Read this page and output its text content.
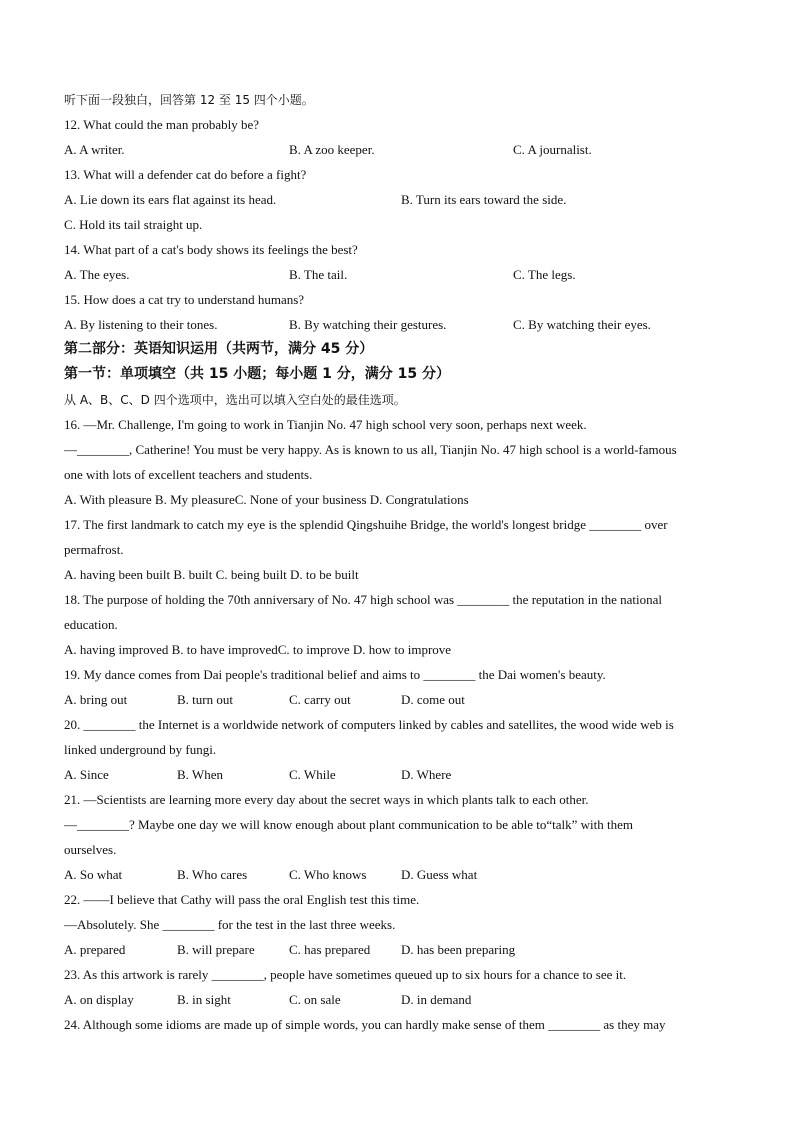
听下面一段独白，回答第 12 至 15 四个小题。
12. What could the man probably be?
A. A writer.	B. A zoo keeper.	C. A journalist.
13. What will a defender cat do before a fight?
A. Lie down its ears flat against its head.	B. Turn its ears toward the side.
C. Hold its tail straight up.
14. What part of a cat's body shows its feelings the best?
A. The eyes.	B. The tail.	C. The legs.
15. How does a cat try to understand humans?
A. By listening to their tones.	B. By watching their gestures.	C. By watching their eyes.
第二部分：英语知识运用（共两节，满分 45 分）
第一节：单项填空（共 15 小题；每小题 1 分，满分 15 分）
从 A、B、C、D 四个选项中，选出可以填入空白处的最佳选项。
16. —Mr. Challenge, I'm going to work in Tianjin No. 47 high school very soon, perhaps next week.
—________, Catherine! You must be very happy. As is known to us all, Tianjin No. 47 high school is a world-famous
one with lots of excellent teachers and students.
A. With pleasure B. My pleasureC. None of your business D. Congratulations
17. The first landmark to catch my eye is the splendid Qingshuihe Bridge, the world's longest bridge ________ over
permafrost.
A. having been built B. built C. being built D. to be built
18. The purpose of holding the 70th anniversary of No. 47 high school was ________ the reputation in the national
education.
A. having improved B. to have improvedC. to improve D. how to improve
19. My dance comes from Dai people's traditional belief and aims to ________ the Dai women's beauty.
A. bring out	B. turn out	C. carry out	D. come out
20. ________ the Internet is a worldwide network of computers linked by cables and satellites, the wood wide web is
linked underground by fungi.
A. Since	B. When	C. While	D. Where
21. —Scientists are learning more every day about the secret ways in which plants talk to each other.
—________? Maybe one day we will know enough about plant communication to be able to“talk” with them
ourselves.
A. So what	B. Who cares	C. Who knows	D. Guess what
22. ——I believe that Cathy will pass the oral English test this time.
—Absolutely. She ________ for the test in the last three weeks.
A. prepared	B. will prepare	C. has prepared D. has been preparing
23. As this artwork is rarely ________, people have sometimes queued up to six hours for a chance to see it.
A. on display	B. in sight	C. on sale	D. in demand
24. Although some idioms are made up of simple words, you can hardly make sense of them ________ as they may
